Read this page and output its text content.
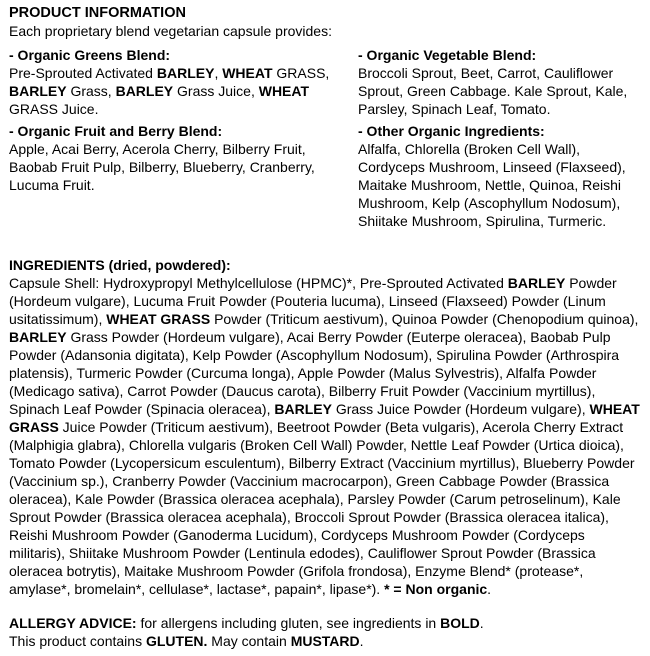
PRODUCT INFORMATION
Each proprietary blend vegetarian capsule provides:
- Organic Greens Blend:
Pre-Sprouted Activated BARLEY, WHEAT GRASS, BARLEY Grass, BARLEY Grass Juice, WHEAT GRASS Juice.
- Organic Fruit and Berry Blend:
Apple, Acai Berry, Acerola Cherry, Bilberry Fruit, Baobab Fruit Pulp, Bilberry, Blueberry, Cranberry, Lucuma Fruit.
- Organic Vegetable Blend:
Broccoli Sprout, Beet, Carrot, Cauliflower Sprout, Green Cabbage. Kale Sprout, Kale, Parsley, Spinach Leaf, Tomato.
- Other Organic Ingredients:
Alfalfa, Chlorella (Broken Cell Wall), Cordyceps Mushroom, Linseed (Flaxseed), Maitake Mushroom, Nettle, Quinoa, Reishi Mushroom, Kelp (Ascophyllum Nodosum), Shiitake Mushroom, Spirulina, Turmeric.
INGREDIENTS (dried, powdered):

Capsule Shell: Hydroxypropyl Methylcellulose (HPMC)*, Pre-Sprouted Activated BARLEY Powder (Hordeum vulgare), Lucuma Fruit Powder (Pouteria lucuma), Linseed (Flaxseed) Powder (Linum usitatissimum), WHEAT GRASS Powder (Triticum aestivum), Quinoa Powder (Chenopodium quinoa), BARLEY Grass Powder (Hordeum vulgare), Acai Berry Powder (Euterpe oleracea), Baobab Pulp Powder (Adansonia digitata), Kelp Powder (Ascophyllum Nodosum), Spirulina Powder (Arthrospira platensis), Turmeric Powder (Curcuma longa), Apple Powder (Malus Sylvestris), Alfalfa Powder (Medicago sativa), Carrot Powder (Daucus carota), Bilberry Fruit Powder (Vaccinium myrtillus), Spinach Leaf Powder (Spinacia oleracea), BARLEY Grass Juice Powder (Hordeum vulgare), WHEAT GRASS Juice Powder (Triticum aestivum), Beetroot Powder (Beta vulgaris), Acerola Cherry Extract (Malphigia glabra), Chlorella vulgaris (Broken Cell Wall) Powder, Nettle Leaf Powder (Urtica dioica), Tomato Powder (Lycopersicum esculentum), Bilberry Extract (Vaccinium myrtillus), Blueberry Powder (Vaccinium sp.), Cranberry Powder (Vaccinium macrocarpon), Green Cabbage Powder (Brassica oleracea), Kale Powder (Brassica oleracea acephala), Parsley Powder (Carum petroselinum), Kale Sprout Powder (Brassica oleracea acephala), Broccoli Sprout Powder (Brassica oleracea italica), Reishi Mushroom Powder (Ganoderma Lucidum), Cordyceps Mushroom Powder (Cordyceps militaris), Shiitake Mushroom Powder (Lentinula edodes), Cauliflower Sprout Powder (Brassica oleracea botrytis), Maitake Mushroom Powder (Grifola frondosa), Enzyme Blend* (protease*, amylase*, bromelain*, cellulase*, lactase*, papain*, lipase*). * = Non organic.

ALLERGY ADVICE: for allergens including gluten, see ingredients in BOLD.
This product contains GLUTEN. May contain MUSTARD.
